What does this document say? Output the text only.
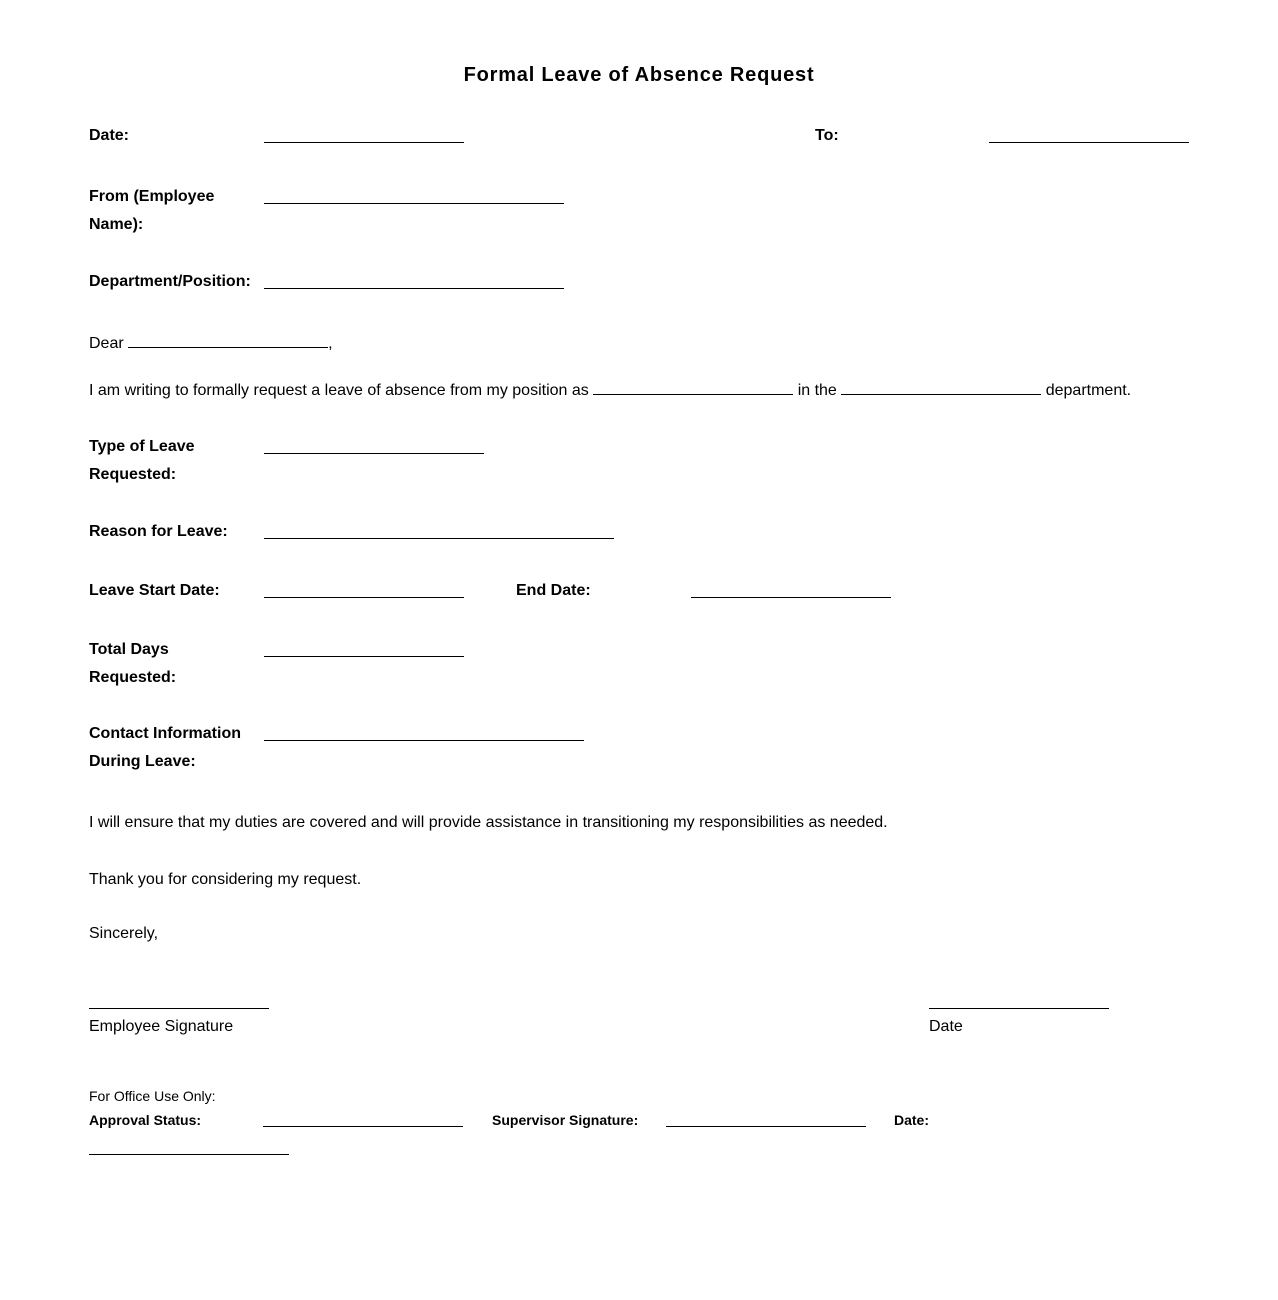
Formal Leave of Absence Request
Date:	To:
From (Employee
Name):
Department/Position:
Dear	,
I am writing to formally request a leave of absence from my position as	in the	department.
Type of Leave
Requested:
Reason for Leave:
Leave Start Date:	End Date:
Total Days
Requested:
Contact Information
During Leave:
I will ensure that my duties are covered and will provide assistance in transitioning my responsibilities as needed.
Thank you for considering my request.
Sincerely,
Employee Signature	Date
For Office Use Only:
Approval Status:	Supervisor Signature:	Date:
